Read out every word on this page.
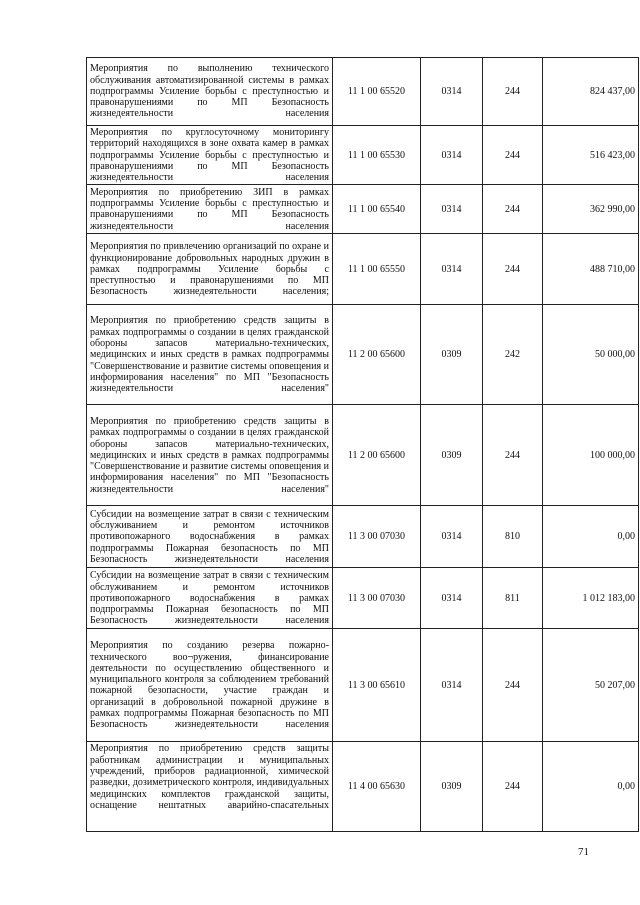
Мероприятия по выполнению технического обслуживания автоматизированной системы в рамках подпрограммы Усиление борьбы с преступностью и правонарушениями по МП Безопасность жизнедеятельности населения	11 1 00 65520	0314	244	824 437,00
Мероприятия по круглосуточному мониторингу территорий находящихся в зоне охвата камер в рамках подпрограммы Усиление борьбы с преступностью и правонарушениями по МП Безопасность жизнедеятельности населения	11 1 00 65530	0314	244	516 423,00
Мероприятия по приобретению ЗИП в рамках подпрограммы Усиление борьбы с преступностью и правонарушениями по МП Безопасность жизнедеятельности населения	11 1 00 65540	0314	244	362 990,00
Мероприятия по привлечению организаций по охране и функционирование добровольных народных дружин в рамках подпрограммы Усиление борьбы с преступностью и правонарушениями по МП Безопасность жизнедеятельности населения;	11 1 00 65550	0314	244	488 710,00
Мероприятия по приобретению средств защиты в рамках подпрограммы о создании в целях гражданской обороны запасов материально-технических, медицинских и иных средств в рамках подпрограммы "Совершенствование и развитие системы оповещения и информирования населения" по МП "Безопасность жизнедеятельности населения"	11 2 00 65600	0309	242	50 000,00
Мероприятия по приобретению средств защиты в рамках подпрограммы о создании в целях гражданской обороны запасов материально-технических, медицинских и иных средств в рамках подпрограммы "Совершенствование и развитие системы оповещения и информирования населения" по МП "Безопасность жизнедеятельности населения"	11 2 00 65600	0309	244	100 000,00
Субсидии на возмещение затрат в связи с техническим обслуживанием и ремонтом источников противопожарного водоснабжения в рамках подпрограммы Пожарная безопасность по МП Безопасность жизнедеятельности населения	11 3 00 07030	0314	810	0,00
Субсидии на возмещение затрат в связи с техническим обслуживанием и ремонтом источников противопожарного водоснабжения в рамках подпрограммы Пожарная безопасность по МП Безопасность жизнедеятельности населения	11 3 00 07030	0314	811	1 012 183,00
Мероприятия по созданию резерва пожарно-технического воо¬ружения, финансирование деятельности по осуществлению общественного и муниципального контроля за соблюдением требований пожарной безопасности, участие граждан и организаций в добровольной пожарной дружине в рамках подпрограммы Пожарная безопасность по МП Безопасность жизнедеятельности населения	11 3 00 65610	0314	244	50 207,00
Мероприятия по приобретению средств защиты работникам администрации и муниципальных учреждений, приборов радиационной, химической разведки, дозиметрического контроля, индивидуальных медицинских комплектов гражданской защиты, оснащение нештатных аварийно-спасательных	11 4 00 65630	0309	244	0,00
71
